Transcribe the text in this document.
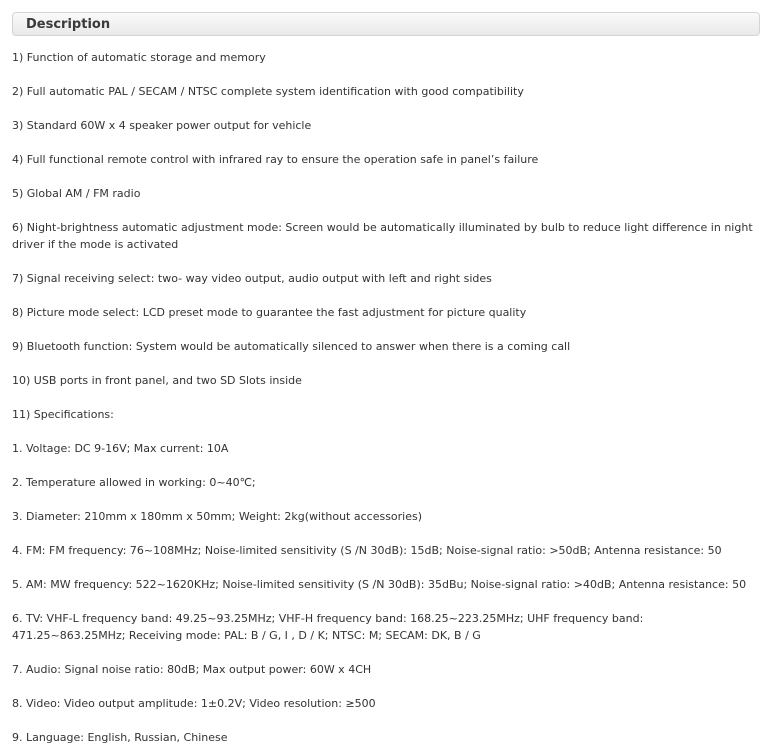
Description
1) Function of automatic storage and memory
2) Full automatic PAL / SECAM / NTSC complete system identification with good compatibility
3) Standard 60W x 4 speaker power output for vehicle
4) Full functional remote control with infrared ray to ensure the operation safe in panel’s failure
5) Global AM / FM radio
6) Night-brightness automatic adjustment mode: Screen would be automatically illuminated by bulb to reduce light difference in night driver if the mode is activated
7) Signal receiving select: two- way video output, audio output with left and right sides
8) Picture mode select: LCD preset mode to guarantee the fast adjustment for picture quality
9) Bluetooth function: System would be automatically silenced to answer when there is a coming call
10) USB ports in front panel, and two SD Slots inside
11) Specifications:
1. Voltage: DC 9-16V; Max current: 10A
2. Temperature allowed in working: 0~40℃;
3. Diameter: 210mm x 180mm x 50mm; Weight: 2kg(without accessories)
4. FM: FM frequency: 76~108MHz; Noise-limited sensitivity (S /N 30dB): 15dB; Noise-signal ratio: >50dB; Antenna resistance: 50
5. AM: MW frequency: 522~1620KHz; Noise-limited sensitivity (S /N 30dB): 35dBu; Noise-signal ratio: >40dB; Antenna resistance: 50
6. TV: VHF-L frequency band: 49.25~93.25MHz; VHF-H frequency band: 168.25~223.25MHz; UHF frequency band: 471.25~863.25MHz; Receiving mode: PAL: B / G, I , D / K; NTSC: M; SECAM: DK, B / G
7. Audio: Signal noise ratio: 80dB; Max output power: 60W x 4CH
8. Video: Video output amplitude: 1±0.2V; Video resolution: ≥500
9. Language: English, Russian, Chinese
